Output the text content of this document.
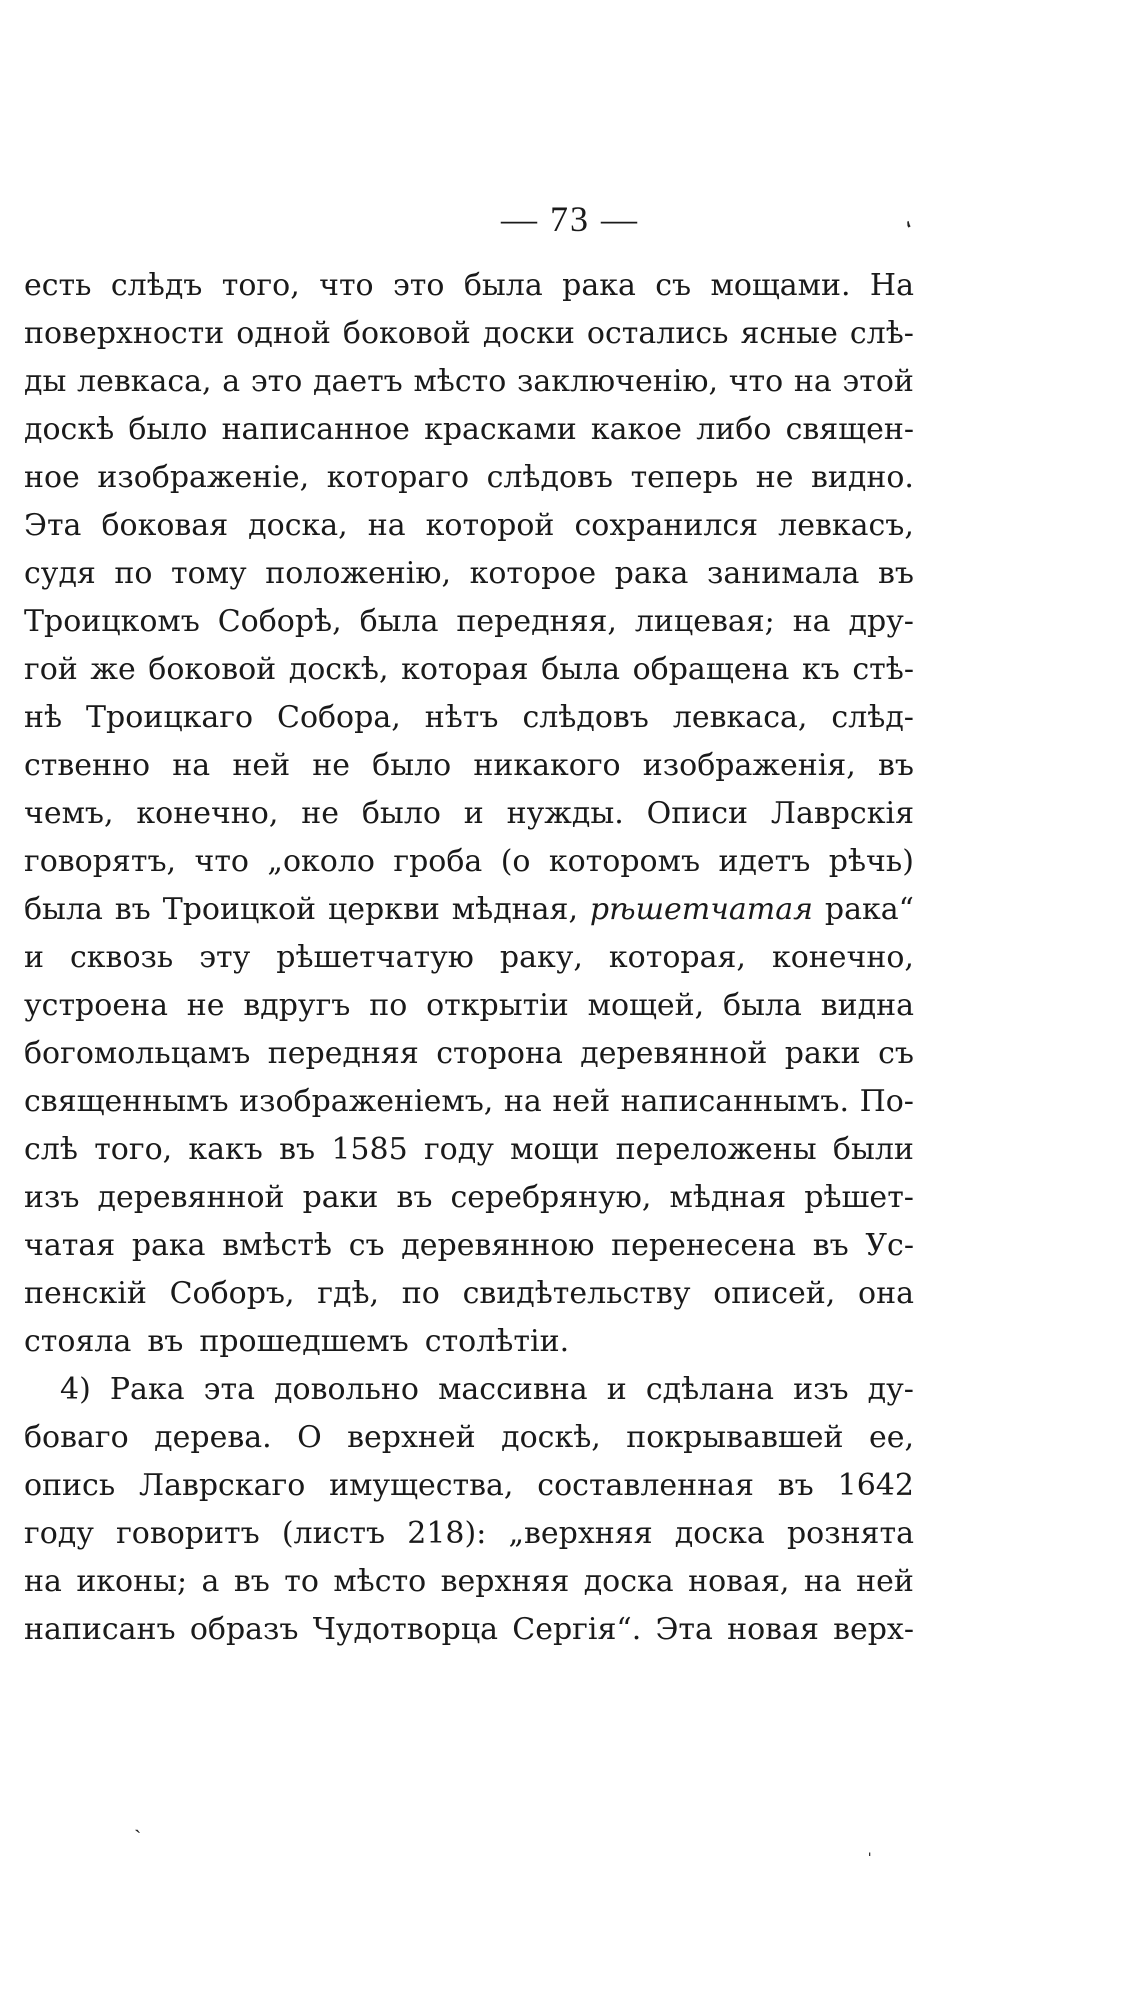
— 73 —	،
есть слѣдъ того, что это была рака съ мощами. На
поверхности одной боковой доски остались ясные слѣ-
ды левкаса, а это даетъ мѣсто заключенію, что на этой
доскѣ было написанное красками какое либо священ-
ное изображеніе, котораго слѣдовъ теперь не видно.
Эта боковая доска, на которой сохранился левкасъ,
судя по тому положенію, которое рака занимала въ
Троицкомъ Соборѣ, была передняя, лицевая; на дру-
гой же боковой доскѣ, которая была обращена къ стѣ-
нѣ Троицкаго Собора, нѣтъ слѣдовъ левкаса, слѣд-
ственно на ней не было никакого изображенія, въ
чемъ, конечно, не было и нужды. Описи Лаврскія
говорятъ, что „около гроба (о которомъ идетъ рѣчь)
была въ Троицкой церкви мѣдная, рѣшетчатая рака“
и сквозь эту рѣшетчатую раку, которая, конечно,
устроена не вдругъ по открытіи мощей, была видна
богомольцамъ передняя сторона деревянной раки съ
священнымъ изображеніемъ, на ней написаннымъ. По-
слѣ того, какъ въ 1585 году мощи переложены были
изъ деревянной раки въ серебряную, мѣдная рѣшет-
чатая рака вмѣстѣ съ деревянною перенесена въ Ус-
пенскій Соборъ, гдѣ, по свидѣтельству описей, она
стояла въ прошедшемъ столѣтіи.
4) Рака эта довольно массивна и сдѣлана изъ ду-
боваго дерева. О верхней доскѣ, покрывавшей ее,
опись Лаврскаго имущества, составленная въ 1642
году говоритъ (листъ 218): „верхняя доска рознята
на иконы; а въ то мѣсто верхняя доска новая, на ней
написанъ образъ Чудотворца Сергія“. Эта новая верх-
ˎ
ˈ
